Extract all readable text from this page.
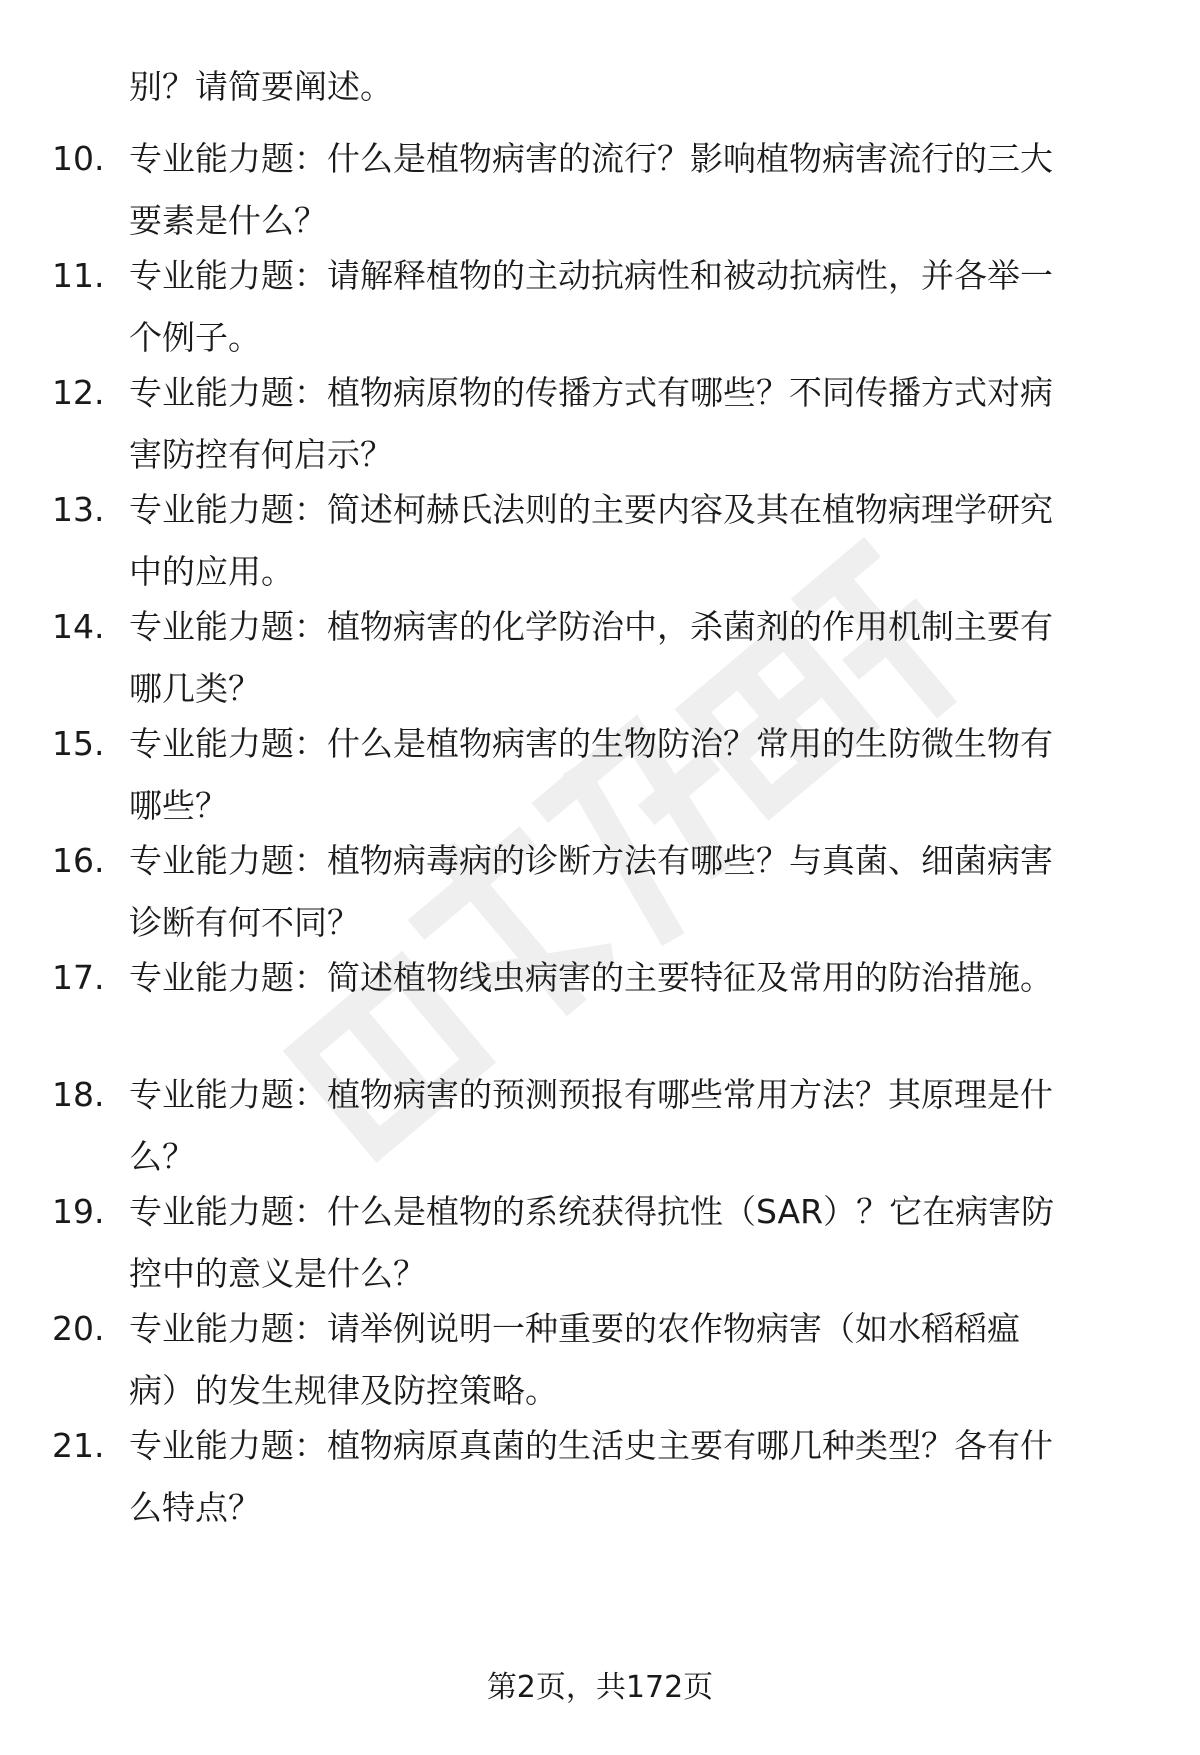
别？请简要阐述。
10. 专业能力题：什么是植物病害的流行？影响植物病害流行的三大
要素是什么？
11. 专业能力题：请解释植物的主动抗病性和被动抗病性，并各举一
个例子。
12. 专业能力题：植物病原物的传播方式有哪些？不同传播方式对病
害防控有何启示？
13. 专业能力题：简述柯赫氏法则的主要内容及其在植物病理学研究
中的应用。
14. 专业能力题：植物病害的化学防治中，杀菌剂的作用机制主要有
哪几类？
15. 专业能力题：什么是植物病害的生物防治？常用的生防微生物有
哪些？
16. 专业能力题：植物病毒病的诊断方法有哪些？与真菌、细菌病害
诊断有何不同？
17. 专业能力题：简述植物线虫病害的主要特征及常用的防治措施。
18. 专业能力题：植物病害的预测预报有哪些常用方法？其原理是什
么？
19. 专业能力题：什么是植物的系统获得抗性（SAR）？它在病害防
控中的意义是什么？
20. 专业能力题：请举例说明一种重要的农作物病害（如水稻稻瘟
病）的发生规律及防控策略。
21. 专业能力题：植物病原真菌的生活史主要有哪几种类型？各有什
么特点？
第2页，共172页
